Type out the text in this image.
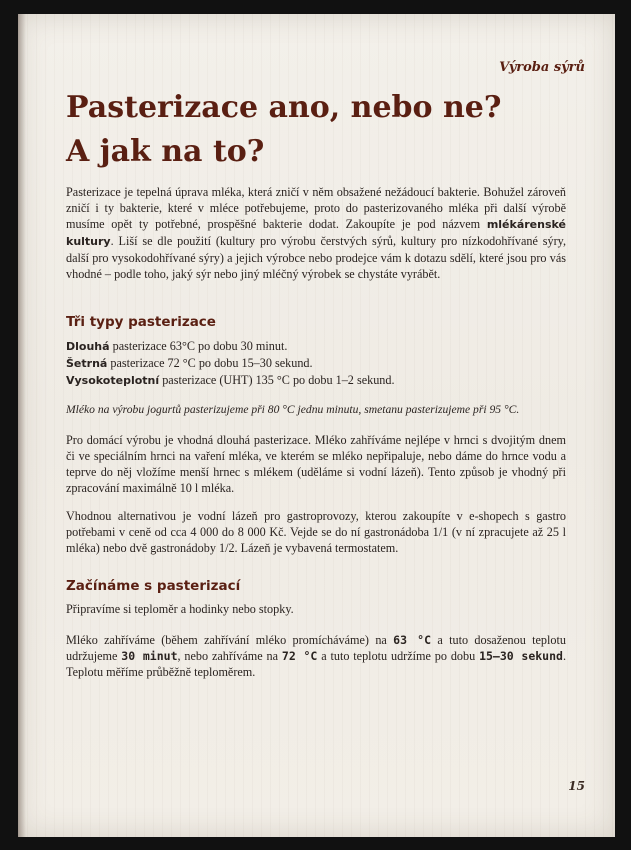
Výroba sýrů
Pasterizace ano, nebo ne?
A jak na to?

Pasterizace je tepelná úprava mléka, která zničí v něm obsažené nežádoucí bakterie. Bohužel zároveň zničí i ty bakterie, které v mléce potřebujeme, proto do pasterizovaného mléka při další výrobě musíme opět ty potřebné, prospěšné bakterie dodat. Zakoupíte je pod názvem mlékárenské kultury. Liší se dle použití (kultury pro výrobu čerstvých sýrů, kultury pro nízkodohřívané sýry, další pro vysokodohřívané sýry) a jejich výrobce nebo prodejce vám k dotazu sdělí, které jsou pro vás vhodné – podle toho, jaký sýr nebo jiný mléčný výrobek se chystáte vyrábět.

Tři typy pasterizace

Dlouhá pasterizace 63°C po dobu 30 minut.

Šetrná pasterizace 72 °C po dobu 15–30 sekund.

Vysokoteplotní pasterizace (UHT) 135 °C po dobu 1–2 sekund.

Mléko na výrobu jogurtů pasterizujeme při 80 °C jednu minutu, smetanu pasterizujeme při 95 °C.
Pro domácí výrobu je vhodná dlouhá pasterizace. Mléko zahříváme nejlépe v hrnci s dvojitým dnem či ve speciálním hrnci na vaření mléka, ve kterém se mléko nepřipaluje, nebo dáme do hrnce vodu a teprve do něj vložíme menší hrnec s mlékem (uděláme si vodní lázeň). Tento způsob je vhodný při zpracování maximálně 10 l mléka.
Vhodnou alternativou je vodní lázeň pro gastroprovozy, kterou zakoupíte v e-shopech s gastro potřebami v ceně od cca 4 000 do 8 000 Kč. Vejde se do ní gastronádoba 1/1 (v ní zpracujete až 25 l mléka) nebo dvě gastronádoby 1/2. Lázeň je vybavená termostatem.
Začínáme s pasterizací
Připravíme si teploměr a hodinky nebo stopky.

Mléko zahříváme (během zahřívání mléko promícháváme) na 63 °C a tuto dosaženou teplotu udržujeme 30 minut, nebo zahříváme na 72 °C a tuto teplotu udržíme po dobu 15–30 sekund. Teplotu měříme průběžně teploměrem.

15
